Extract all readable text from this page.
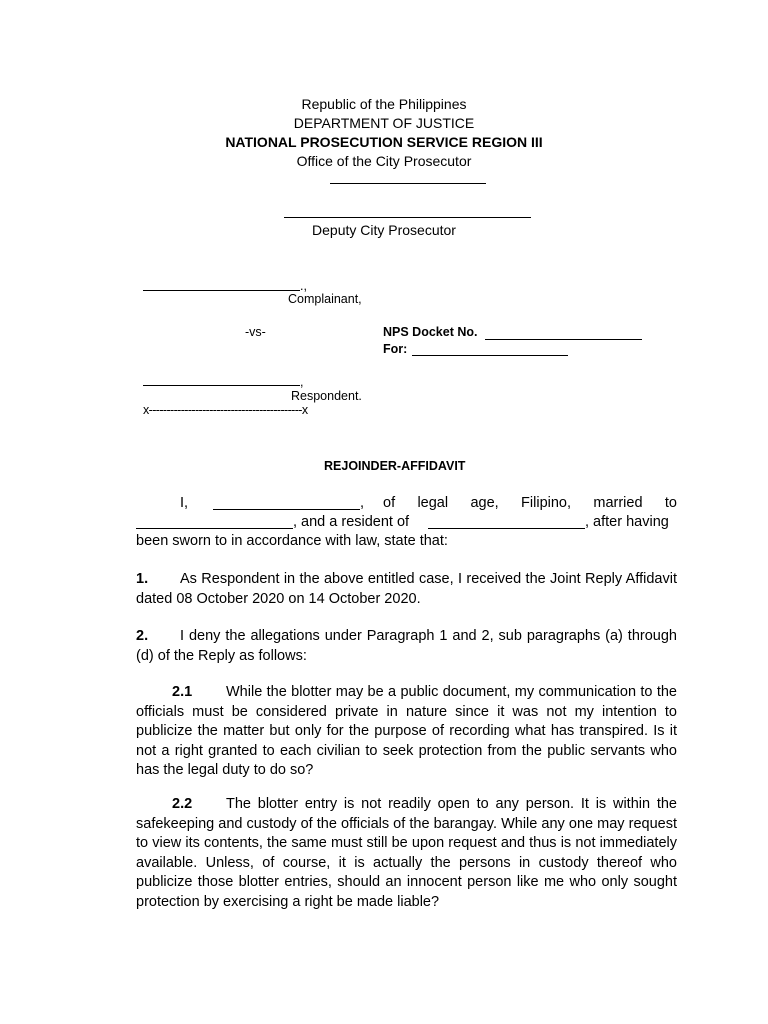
Republic of the Philippines
DEPARTMENT OF JUSTICE
NATIONAL PROSECUTION SERVICE REGION III
Office of the City Prosecutor
Deputy City Prosecutor
.,
Complainant,
-vs-	NPS Docket No.
For:
,
Respondent.
x-------------------------------------------x
REJOINDER-AFFIDAVIT
I,	, of legal age, Filipino, married to
, and a resident of	, after having
been sworn to in accordance with law, state that:
1. As Respondent in the above entitled case, I received the Joint Reply Affidavit dated 08 October 2020 on 14 October 2020.
2. I deny the allegations under Paragraph 1 and 2, sub paragraphs (a) through (d) of the Reply as follows:
2.1 While the blotter may be a public document, my communication to the officials must be considered private in nature since it was not my intention to publicize the matter but only for the purpose of recording what has transpired. Is it not a right granted to each civilian to seek protection from the public servants who has the legal duty to do so?
2.2 The blotter entry is not readily open to any person. It is within the safekeeping and custody of the officials of the barangay. While any one may request to view its contents, the same must still be upon request and thus is not immediately available. Unless, of course, it is actually the persons in custody thereof who publicize those blotter entries, should an innocent person like me who only sought protection by exercising a right be made liable?
